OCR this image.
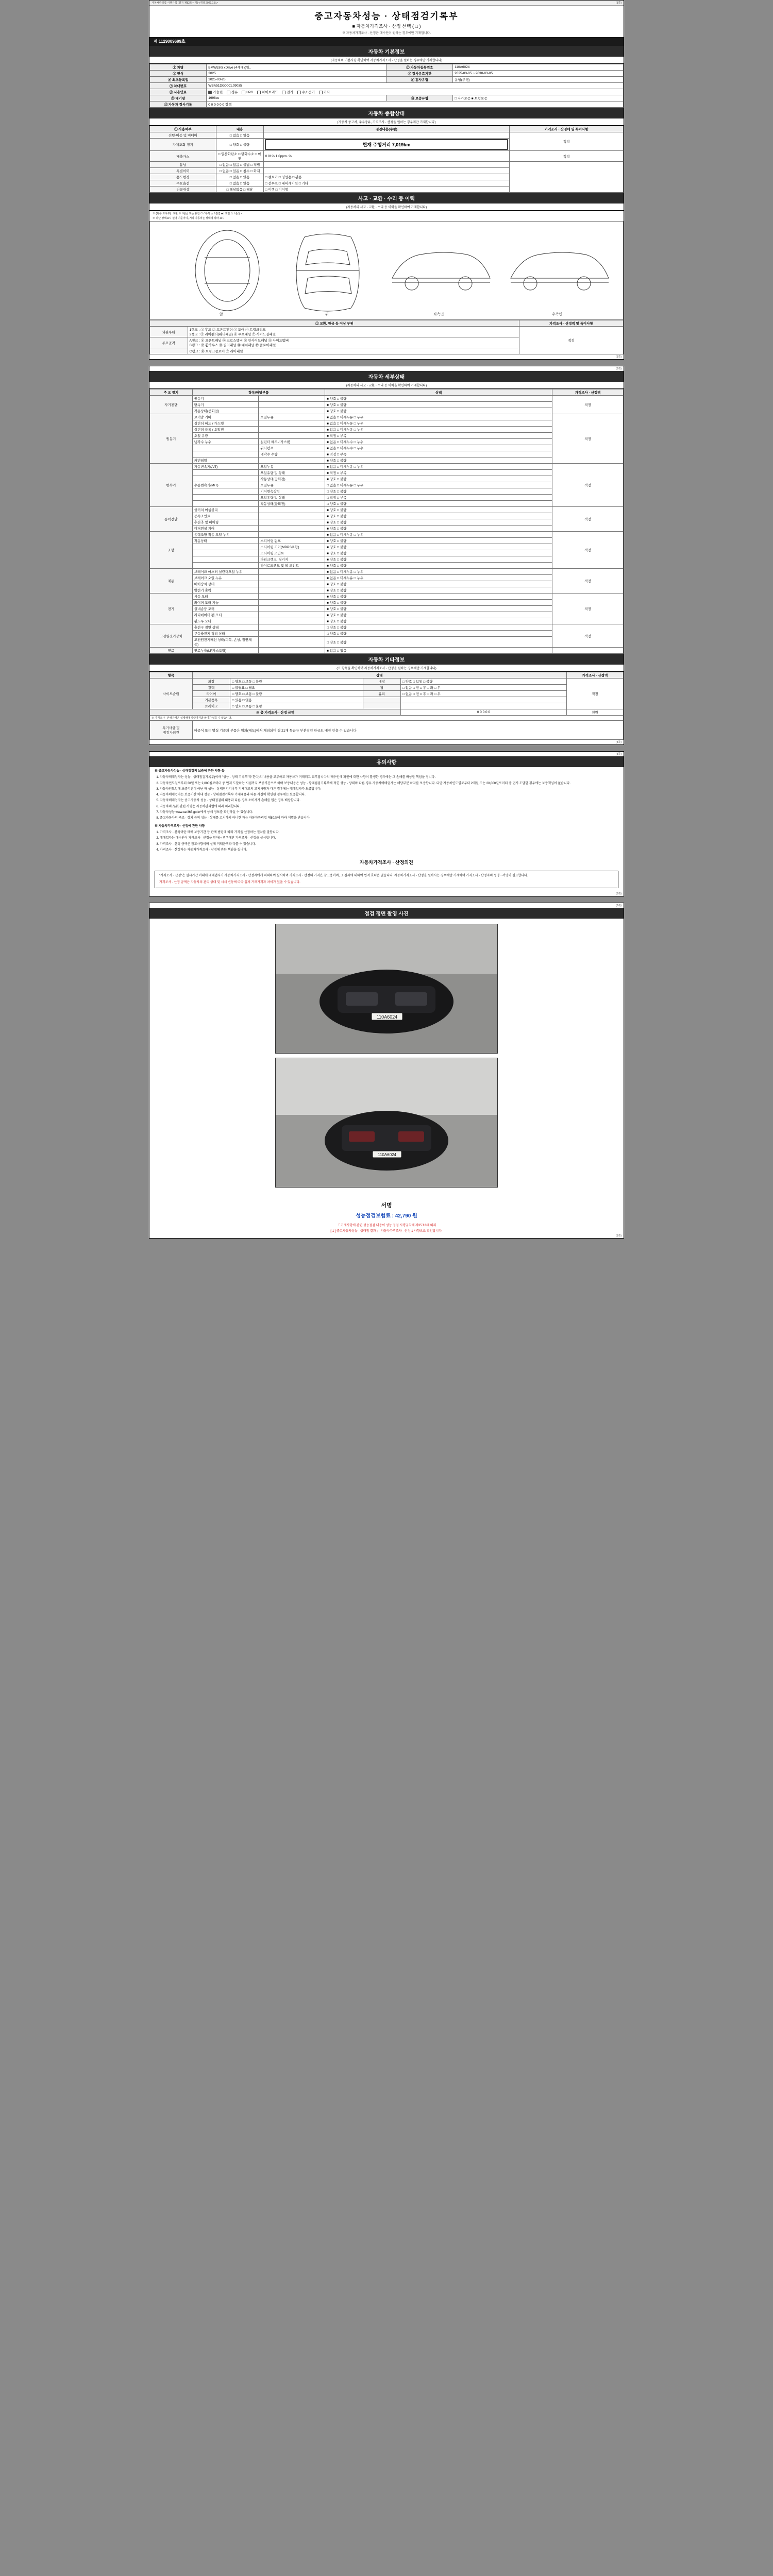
자동차관리법 시행규칙 [별지 제82호서식] <개정 2021.1.5.>	(3쪽)
중고자동차성능 · 상태점검기록부
■ 자동차가격조사 · 산정 선택 ( □ )
※ 자동차가격조사 · 산정은 매수인이 원하는 경우에만 기재합니다.
제 1129009699호
자동차 기본정보
(자동차의 기본사항 확인하여 자동차가격조사 · 산정을 원하는 경우에만 기재합니다)
① 차명	BMW530i xDrive (4세대)(월..	② 자동차등록번호	110A6024
③ 연식	2025	④ 검사유효기간	2025-03-05 ~ 2030-03-05
⑤ 최초등록일	2025-03-26	⑥ 검사유형	운행(주행)
⑦ 차대번호	WBA51DG00CL09035		
⑧ 사용연료	가솔린 경유 LPG 하이브리드 전기 수소전기 기타		
⑨ 배기량	1998cc	⑩ 보증유형	□ 자가보증 ■ 보험보증
⑪ 자동차 검사기록	0 0 0 0 0 0 검색		
자동차 종합상태
(자동차 중고차, 주유중유, 가격조사 · 산정을 원하는 경우에만 기재합니다)
① 사용여부	내용	점검내용(수량)	가격조사 · 산정에 및 특이사항
선팅·미등 및 미디어	□ 없음 □ 있음		적정
자체조회·정기	□ 양호 □ 불량	현재 주행거리 7,019km	

배출가스	□ 일산화탄소 □ 탄화수소 □ 매연	0.01% 1.0ppm. %	적정
튜닝	□ 없음 □ 있음 □ 불법 □ 적법		
특별이력	□ 없음 □ 있음 □ 침수 □ 화재		
용도변경	□ 없음 □ 있음	□ 렌트카 □ 영업용 □ 관용	
주요옵션	□ 없음 □ 있음	□ 선루프 □ 내비게이션 □ 기타	
리콜대상	□ 해당없음 □ 해당	□ 이행 □ 미이행	
사고 · 교환 · 수리 등 이력
(자동차의 사고 · 교환 · 수리 등 이력을 확인하여 기재합니다)
※ (외부 표시부) : 교환 ⊗ / 판금 또는 용접 ⊙ / 부식 ▲ / 흠집 ■ / 요철 △ / 손상 ×
※ 하단 상태표시 설명 기준이며, 기타 자동차는 상태에 따라 표시
앞	뒤	좌측면	우측면
② 교환, 판금 등 이상 부위		가격조사 · 산정액 및 특이사항
외판부위	1랭크 : ① 후드 ② 프론트펜더 ③ 도어 ④ 트렁크리드
2랭크 : ⑤ 리어펜더(쿼터패널) ⑥ 루프패널 ⑦ 사이드실패널	적정
주요골격	A랭크 : ⑧ 프론트패널 ⑨ 크로스멤버 ⑩ 인사이드패널 ⑪ 사이드멤버
B랭크 : ⑫ 휠하우스 ⑬ 필러패널 ⑭ 대쉬패널 ⑮ 플로어패널	

	C랭크 : ⑯ 트렁크플로어 ⑰ 리어패널	
(3쪽)
(3쪽)
자동차 세부상태
(자동차의 사고 · 교환 · 수리 등 이력을 확인하여 기재합니다)
주 요 장치	항목/해당부품		상태	가격조사 · 산정액
자기진단	원동기		■ 양호 □ 불량	적정
	변속기		■ 양호 □ 불량	
	작동상태(공회전)		■ 양호 □ 불량	
원동기	로커암 커버	오일누유	■ 없음 □ 미세누유 □ 누유	적정
	실린더 헤드 / 가스켓		■ 없음 □ 미세누유 □ 누유	
	실린더 블록 / 오일팬		■ 없음 □ 미세누유 □ 누유	
	오일 유량		■ 적정 □ 부족	
	냉각수 누수	실린더 헤드 / 가스켓	■ 없음 □ 미세누수 □ 누수	
		워터펌프	■ 없음 □ 미세누수 □ 누수	
		냉각수 수량	■ 적정 □ 부족	
	커먼레일		■ 양호 □ 불량	
변속기	자동변속기(A/T)	오일누유	■ 없음 □ 미세누유 □ 누유	적정
		오일유량 및 상태	■ 적정 □ 부족	
		작동상태(공회전)	■ 양호 □ 불량	
	수동변속기(M/T)	오일누유	□ 없음 □ 미세누유 □ 누유	
		기어변속장치	□ 양호 □ 불량	
		오일유량 및 상태	□ 적정 □ 부족	
		작동상태(공회전)	□ 양호 □ 불량	
동력전달	클러치 어셈블리		■ 양호 □ 불량	적정
	등속조인트		■ 양호 □ 불량	
	추진축 및 베어링		■ 양호 □ 불량	
	디퍼렌셜 기어		■ 양호 □ 불량	
조향	동력조향 작동 오일 누유		■ 없음 □ 미세누유 □ 누유	적정
	작동상태	스티어링 펌프	■ 양호 □ 불량	
		스티어링 기어(MDPS포함)	■ 양호 □ 불량	
		스티어링 조인트	■ 양호 □ 불량	
		파워크랭크, 링키지	■ 양호 □ 불량	
		타이로드엔드 및 볼 조인트	■ 양호 □ 불량	
제동	브레이크 마스터 실린더오일 누유		■ 없음 □ 미세누유 □ 누유	적정
	브레이크 오일 누유		■ 없음 □ 미세누유 □ 누유	
	배력장치 상태		■ 양호 □ 불량	
	발전기 출력		■ 양호 □ 불량	
전기	시동 모터		■ 양호 □ 불량	적정
	와이퍼 모터 기능		■ 양호 □ 불량	
	실내송풍 모터		■ 양호 □ 불량	
	라디에이터 팬 모터		■ 양호 □ 불량	
	윈도우 모터		■ 양호 □ 불량	
고전원전기장치	충전구 절연 상태		□ 양호 □ 불량	적정
	구동축전지 격리 상태		□ 양호 □ 불량	
	고전원전기배선 상태(피복, 손상, 절연체 등)		□ 양호 □ 불량	
연료	연료누출(LP가스포함)		■ 없음 □ 있음	
자동차 기타정보
(※ 항목을 확인하여 자동차가격조사 · 산정을 원하는 경우에만 기재합니다)
항목	상태				가격조사 · 산정액
사이드슬립	외장	□ 양호 □ 보통 □ 불량	내장	□ 양호 □ 보통 □ 불량	적정
	광택	□ 불필요 □ 필요	휠	□ 없음 □ 전 □ 후 □ 좌 □ 우	
	타이어	□ 양호 □ 보통 □ 불량	유리	□ 없음 □ 전 □ 후 □ 좌 □ 우	
	기본품목	□ 있음 □ 없음			
	브레이크	□ 양호 □ 보통 □ 불량			
※ 총 가격조사 · 산정 금액				0 0 0 0 0	천원
※ 가격조사 · 산정가격은 실제매매 차량가격과 차이가 있을 수 있습니다.					
특기사항 및
점검자의견	비공식 또는 멸실 기준의 부품은 임의(매도)에서 제외되며 결 21개 특급규 부분적인 판금도 내진 인용 수 있습니다				
(3쪽)
(3쪽)
유의사항

※ 중고자동차성능 · 상태점검의 보증에 관한 사항 등

1. 자동차매매업자는 성능 · 상태점검기록부(이하 "성능 · 상태 기록부"라 한다)의 내용을 교부하고 자동차가 거래되고 교부합니다의 매수인에 확인에 대한 사항이 발생한 경우에는 그 손해를 배상할 책임을 집니다.
2. 자동차인도일로부터 30일 또는 2,000킬로미터 중 먼저 도달하는 시점까지 보증기간으로 하며 보증내용은 성능 · 상태점검기록부에 적힌 성능 · 상태와 다른 경우 자동차매매업자는 해당부분 하자를 보증합니다. 다만 자동차인도일로부터 2개월 또는 20,000킬로미터 중 먼저 도달한 경우에는 보증책임이 없습니다.
3. 자동차인도일에 보증기간이 아닌 때 성능 · 상태점검기록부 기재대로의 고지사항과 다른 경우에는 매매업자가 보증합니다.
4. 자동차매매업자는 보증기간 이내 성능 · 상태점검기록부 기재내용과 다른 사실이 확인된 경우에는 보증합니다.
5. 자동차매매업자는 중고자동차 성능 · 상태점검의 내용과 다른 경우 소비자가 손해를 입은 경우 배상합니다.
6. 자동차의 品質 관련 사항은 자동차관리법에 따라 처리합니다.
7. 자동차성능 www.car365.go.kr에서 상세 정보를 확인하실 수 있습니다.
8. 중고자동차의 구조 · 장치 등의 성능 · 상태를 고지하지 아니한 자는 자동차관리법 제80조에 따라 처벌을 받습니다.

※ 자동차가격조사 · 산정에 관한 사항

1. 가격조사 · 산정이란 매매 보증기간 등 관계 법령에 따라 가격을 산정하는 절차를 말합니다.
2. 매매업자는 매수인이 가격조사 · 산정을 원하는 경우에만 가격조사 · 산정을 실시합니다.
3. 가격조사 · 산정 금액은 참고사항이며 실제 거래금액과 다를 수 있습니다.
4. 가격조사 · 산정자는 자동차가격조사 · 산정에 관한 책임을 집니다.
자동차가격조사 · 산정의견
"가격조사 · 산정"은 실시기간 이내에 매매업자가 자동차가격조사 · 산정자에게 의뢰하여 실시하며 가격조사 · 산정의 가격은 참고용이며, 그 결과에 대하여 법적 효력은 없습니다. 자동차가격조사 · 산정을 원하시는 경우에만 기재하며 가격조사 · 산정자의 성명 · 서명이 필요합니다.
가격조사 · 산정 금액은 자동차의 관리 상태 및 시세 변동에 따라 실제 거래가격과 차이가 있을 수 있습니다.
(3쪽)
(3쪽)
점검 정면 촬영 사진
110A6024
110A6024
서명
성능점검보험료 : 42,790 원
『 기재사항에 관련 성능점검 내용이 성능 점검 시행규칙에 제35조8에 따라
[ 1 ] 중고자동차성능 · 상태점 결과 』 자동차가격조사 · 산정 1 사항으로 확인합니다.
(3쪽)
